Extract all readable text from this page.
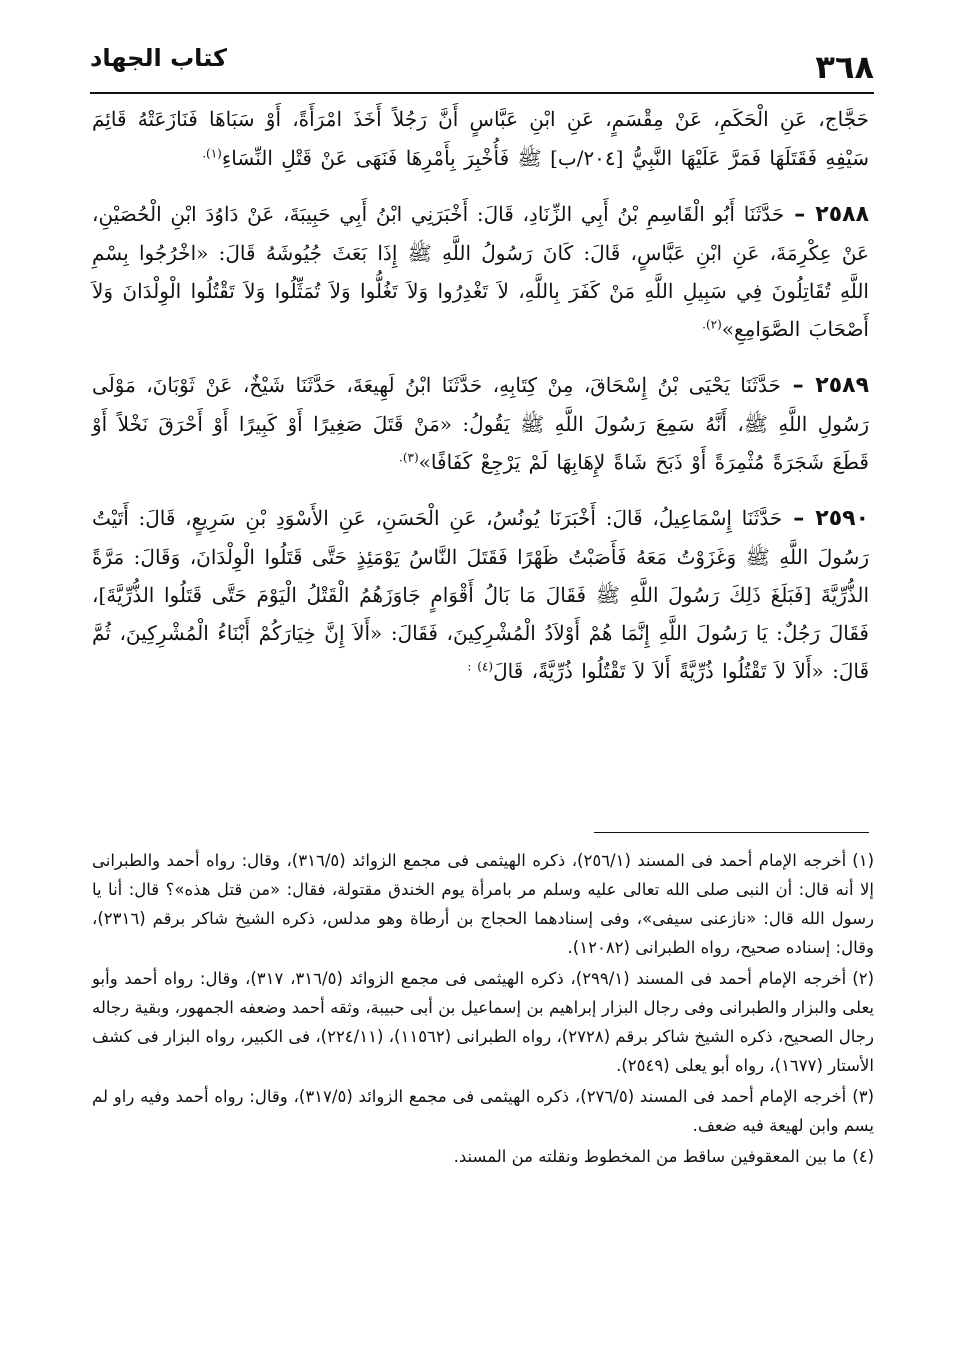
٣٦٨
كتاب الجهاد

حَجَّاج، عَنِ الْحَكَمِ، عَنْ مِقْسَمٍ، عَنِ ابْنِ عَبَّاسٍ أَنَّ رَجُلاً أَخَذَ امْرَأَةً، أَوْ سَبَاهَا فَنَازَعَتْهُ قَائِمَ سَيْفِهِ فَقَتَلَهَا فَمَرَّ عَلَيْهَا النَّبِيُّ [٢٠٤/ب] ﷺ فَأُخْبِرَ بِأَمْرِهَا فَنَهَى عَنْ قَتْلِ النِّسَاءِ$^{(١).}$

٢٥٨٨ – حَدَّثَنَا أَبُو الْقَاسِمِ بْنُ أَبِي الزِّنَادِ، قَالَ: أَخْبَرَنِي ابْنُ أَبِي حَبِيبَةَ، عَنْ دَاوُدَ ابْنِ الْحُصَيْنِ، عَنْ عِكْرِمَةَ، عَنِ ابْنِ عَبَّاسٍ، قَالَ: كَانَ رَسُولُ اللَّهِ ﷺ إِذَا بَعَثَ جُيُوشَهُ قَالَ: «اخْرُجُوا بِسْمِ اللَّهِ تُقَاتِلُونَ فِي سَبِيلِ اللَّهِ مَنْ كَفَرَ بِاللَّهِ، لاَ تَغْدِرُوا وَلاَ تَغُلُّوا وَلاَ تُمَثِّلُوا وَلاَ تَقْتُلُوا الْوِلْدَانَ وَلاَ أَصْحَابَ الصَّوَامِعِ»$^{(٢).}$

٢٥٨٩ – حَدَّثَنَا يَحْيَى بْنُ إِسْحَاقَ، مِنْ كِتَابِهِ، حَدَّثَنَا ابْنُ لَهِيعَةَ، حَدَّثَنَا شَيْخٌ، عَنْ ثَوْبَانَ، مَوْلَى رَسُولِ اللَّهِ ﷺ، أَنَّهُ سَمِعَ رَسُولَ اللَّهِ ﷺ يَقُولُ: «مَنْ قَتَلَ صَغِيرًا أَوْ كَبِيرًا أَوْ أَحْرَقَ نَخْلاً أَوْ قَطَعَ شَجَرَةً مُثْمِرَةً أَوْ ذَبَحَ شَاةً لإِهَابِهَا لَمْ يَرْجِعْ كَفَافًا»$^{(٣).}$

٢٥٩٠ – حَدَّثَنَا إِسْمَاعِيلُ، قَالَ: أَخْبَرَنَا يُونُسُ، عَنِ الْحَسَنِ، عَنِ الأَسْوَدِ بْنِ سَرِيعٍ، قَالَ: أَتَيْتُ رَسُولَ اللَّهِ ﷺ وَغَزَوْتُ مَعَهُ فَأَصَبْتُ ظَهْرًا فَقَتَلَ النَّاسُ يَوْمَئِذٍ حَتَّى قَتَلُوا الْوِلْدَانَ، وَقَالَ: مَرَّةً الذُّرِّيَّةَ [فَبَلَغَ ذَلِكَ رَسُولَ اللَّهِ ﷺ فَقَالَ مَا بَالُ أَقْوَامٍ جَاوَزَهُمُ الْقَتْلُ الْيَوْمَ حَتَّى قَتَلُوا الذُّرِّيَّةَ]، فَقَالَ رَجُلٌ: يَا رَسُولَ اللَّهِ إِنَّمَا هُمْ أَوْلاَدُ الْمُشْرِكِينَ، فَقَالَ: «أَلاَ إِنَّ خِيَارَكُمْ أَبْنَاءُ الْمُشْرِكِينَ، ثُمَّ قَالَ: «أَلاَ لاَ تَقْتُلُوا ذُرِّيَّةً أَلاَ لاَ تَقْتُلُوا ذُرِّيَّةً، قَالَ$^{(٤) :}$

(١)أخرجه الإمام أحمد فى المسند (٢٥٦/١)، ذكره الهيثمى فى مجمع الزوائد (٣١٦/٥)، وقال: رواه أحمد والطبرانى إلا أنه قال: أن النبى صلى الله تعالى عليه وسلم مر بامرأة يوم الخندق مقتولة، فقال: «من قتل هذه»؟ قال: أنا يا رسول الله قال: «نازعنى سيفى»، وفى إسنادهما الحجاج بن أرطاة وهو مدلس، ذكره الشيخ شاكر برقم (٢٣١٦)، وقال: إسناده صحيح، رواه الطبرانى (١٢٠٨٢).

(٢)أخرجه الإمام أحمد فى المسند (٢٩٩/١)، ذكره الهيثمى فى مجمع الزوائد (٣١٦/٥، ٣١٧)، وقال: رواه أحمد وأبو يعلى والبزار والطبرانى وفى رجال البزار إبراهيم بن إسماعيل بن أبى حبيبة، وثقه أحمد وضعفه الجمهور، وبقية رجاله رجال الصحيح، ذكره الشيخ شاكر برقم (٢٧٢٨)، رواه الطبرانى (١١٥٦٢)، (٢٢٤/١١)، فى الكبير، رواه البزار فى كشف الأستار (١٦٧٧)، رواه أبو يعلى (٢٥٤٩).

(٣)أخرجه الإمام أحمد فى المسند (٢٧٦/٥)، ذكره الهيثمى فى مجمع الزوائد (٣١٧/٥)، وقال: رواه أحمد وفيه راو لم يسم وابن لهيعة فيه ضعف.

(٤)ما بين المعقوفين ساقط من المخطوط ونقلته من المسند.
